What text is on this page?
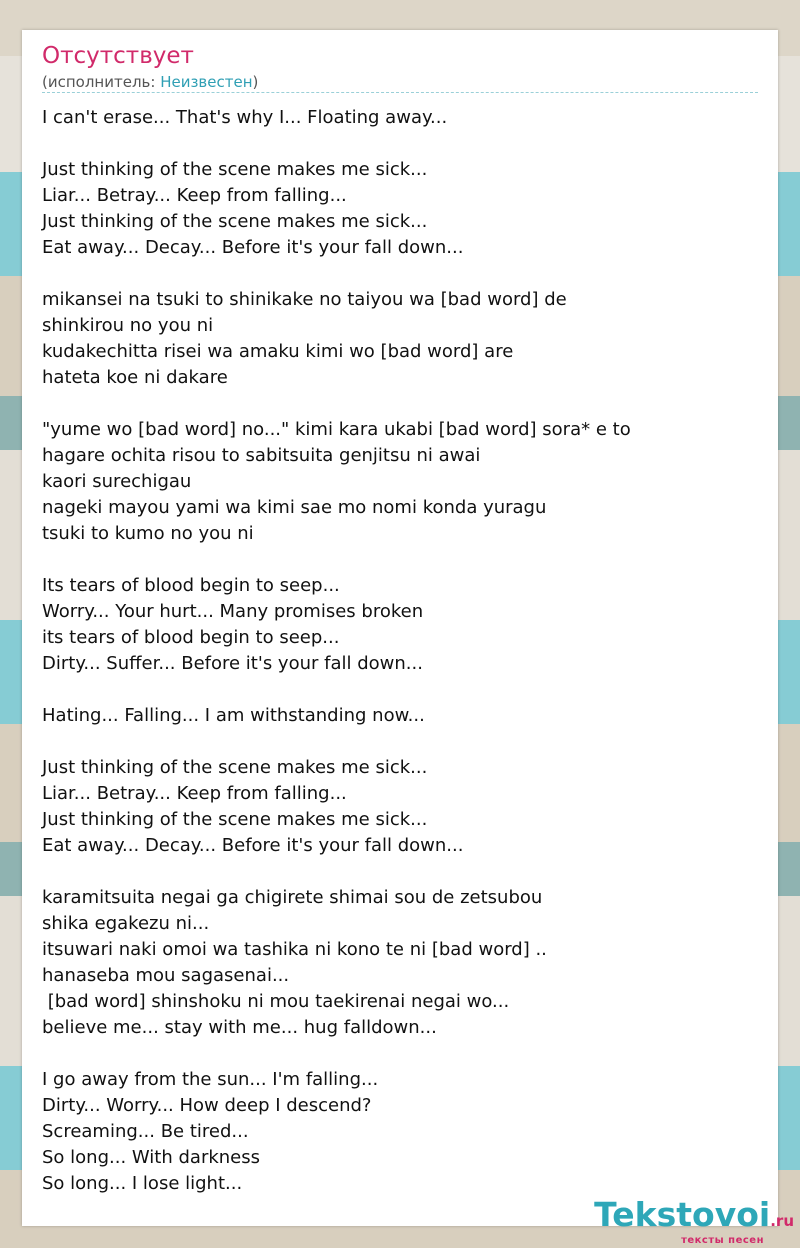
Отсутствует
(исполнитель: Неизвестен)
I can't erase... That's why I... Floating away...
Just thinking of the scene makes me sick...
Liar... Betray... Keep from falling...
Just thinking of the scene makes me sick...
Eat away... Decay... Before it's your fall down...
mikansei na tsuki to shinikake no taiyou wa [bad word] de
shinkirou no you ni
kudakechitta risei wa amaku kimi wo [bad word] are
hateta koe ni dakare
"yume wo [bad word] no..." kimi kara ukabi [bad word] sora* e to
hagare ochita risou to sabitsuita genjitsu ni awai
kaori surechigau
nageki mayou yami wa kimi sae mo nomi konda yuragu
tsuki to kumo no you ni
Its tears of blood begin to seep...
Worry... Your hurt... Many promises broken
its tears of blood begin to seep...
Dirty... Suffer... Before it's your fall down...
Hating... Falling... I am withstanding now...
Just thinking of the scene makes me sick...
Liar... Betray... Keep from falling...
Just thinking of the scene makes me sick...
Eat away... Decay... Before it's your fall down...
karamitsuita negai ga chigirete shimai sou de zetsubou
shika egakezu ni...
itsuwari naki omoi wa tashika ni kono te ni [bad word] ..
hanaseba mou sagasenai...
[bad word] shinshoku ni mou taekirenai negai wo...
believe me... stay with me... hug falldown...
I go away from the sun... I'm falling...
Dirty... Worry... How deep I descend?
Screaming... Be tired...
So long... With darkness
So long... I lose light...
Tekstovoi.ru
тексты песен
